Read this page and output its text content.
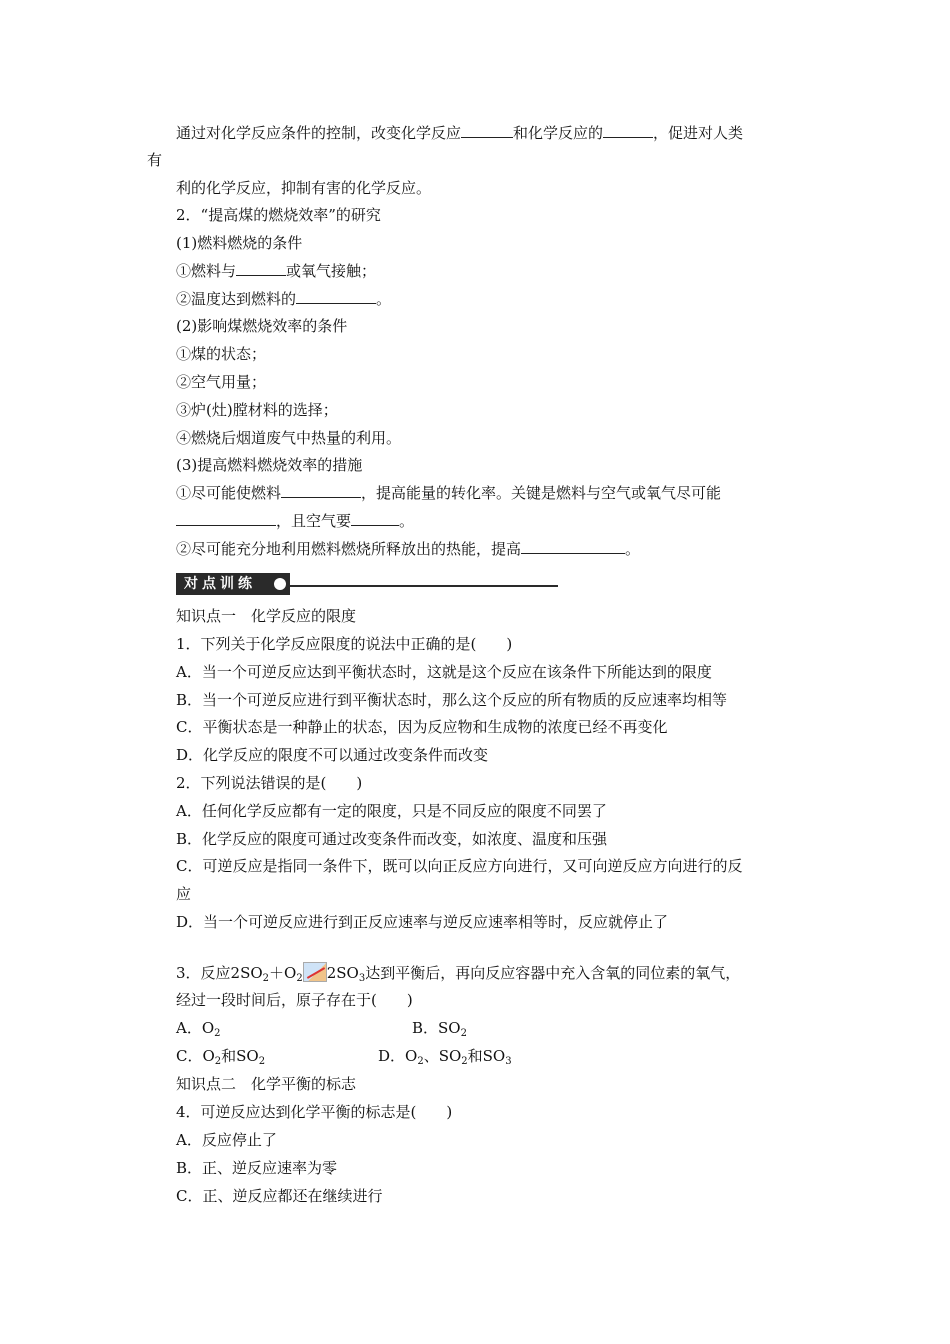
通过对化学反应条件的控制，改变化学反应	和化学反应的	，促进对人类
有
利的化学反应，抑制有害的化学反应。
2．“提高煤的燃烧效率”的研究
(1)燃料燃烧的条件
①燃料与	或氧气接触；
②温度达到燃料的	。
(2)影响煤燃烧效率的条件
①煤的状态；
②空气用量；
③炉(灶)膛材料的选择；
④燃烧后烟道废气中热量的利用。
(3)提高燃料燃烧效率的措施
①尽可能使燃料	，提高能量的转化率。关键是燃料与空气或氧气尽可能
，且空气要	。
②尽可能充分地利用燃料燃烧所释放出的热能，提高	。
对点训练
知识点一　化学反应的限度
1．下列关于化学反应限度的说法中正确的是(　　)
A．当一个可逆反应达到平衡状态时，这就是这个反应在该条件下所能达到的限度
B．当一个可逆反应进行到平衡状态时，那么这个反应的所有物质的反应速率均相等
C．平衡状态是一种静止的状态，因为反应物和生成物的浓度已经不再变化
D．化学反应的限度不可以通过改变条件而改变
2．下列说法错误的是(　　)
A．任何化学反应都有一定的限度，只是不同反应的限度不同罢了
B．化学反应的限度可通过改变条件而改变，如浓度、温度和压强
C．可逆反应是指同一条件下，既可以向正反应方向进行，又可向逆反应方向进行的反
应
D．当一个可逆反应进行到正反应速率与逆反应速率相等时，反应就停止了
3．反应$2SO_2+O_2$ $2SO_3$达到平衡后，再向反应容器中充入含氧的同位素的氧气，
经过一段时间后，原子存在于(　　)
A．$O_2$	B．$SO_2$
C．$O_2$和$SO_2$	D．$O_2$、$SO_2$和$SO_3$
知识点二　化学平衡的标志
4．可逆反应达到化学平衡的标志是(　　)
A．反应停止了
B．正、逆反应速率为零
C．正、逆反应都还在继续进行
